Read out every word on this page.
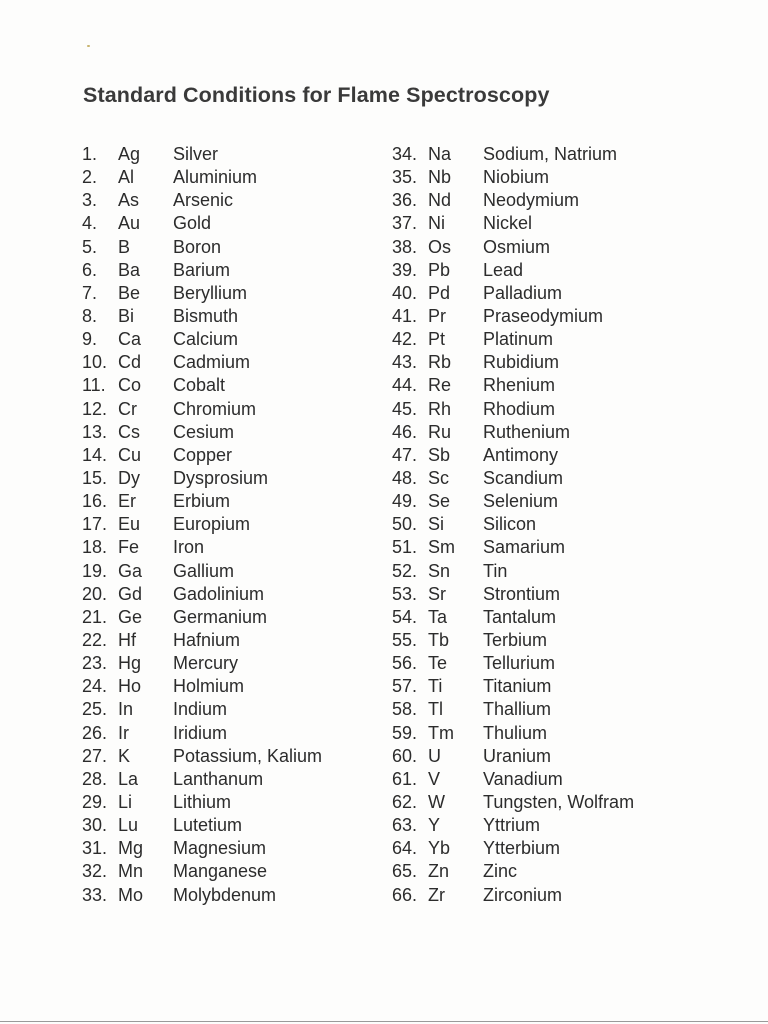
Standard Conditions for Flame Spectroscopy
1. Ag Silver
2. Al Aluminium
3. As Arsenic
4. Au Gold
5. B Boron
6. Ba Barium
7. Be Beryllium
8. Bi Bismuth
9. Ca Calcium
10. Cd Cadmium
11. Co Cobalt
12. Cr Chromium
13. Cs Cesium
14. Cu Copper
15. Dy Dysprosium
16. Er Erbium
17. Eu Europium
18. Fe Iron
19. Ga Gallium
20. Gd Gadolinium
21. Ge Germanium
22. Hf Hafnium
23. Hg Mercury
24. Ho Holmium
25. In Indium
26. Ir Iridium
27. K Potassium, Kalium
28. La Lanthanum
29. Li Lithium
30. Lu Lutetium
31. Mg Magnesium
32. Mn Manganese
33. Mo Molybdenum
34. Na Sodium, Natrium
35. Nb Niobium
36. Nd Neodymium
37. Ni Nickel
38. Os Osmium
39. Pb Lead
40. Pd Palladium
41. Pr Praseodymium
42. Pt Platinum
43. Rb Rubidium
44. Re Rhenium
45. Rh Rhodium
46. Ru Ruthenium
47. Sb Antimony
48. Sc Scandium
49. Se Selenium
50. Si Silicon
51. Sm Samarium
52. Sn Tin
53. Sr Strontium
54. Ta Tantalum
55. Tb Terbium
56. Te Tellurium
57. Ti Titanium
58. Tl Thallium
59. Tm Thulium
60. U Uranium
61. V Vanadium
62. W Tungsten, Wolfram
63. Y Yttrium
64. Yb Ytterbium
65. Zn Zinc
66. Zr Zirconium
